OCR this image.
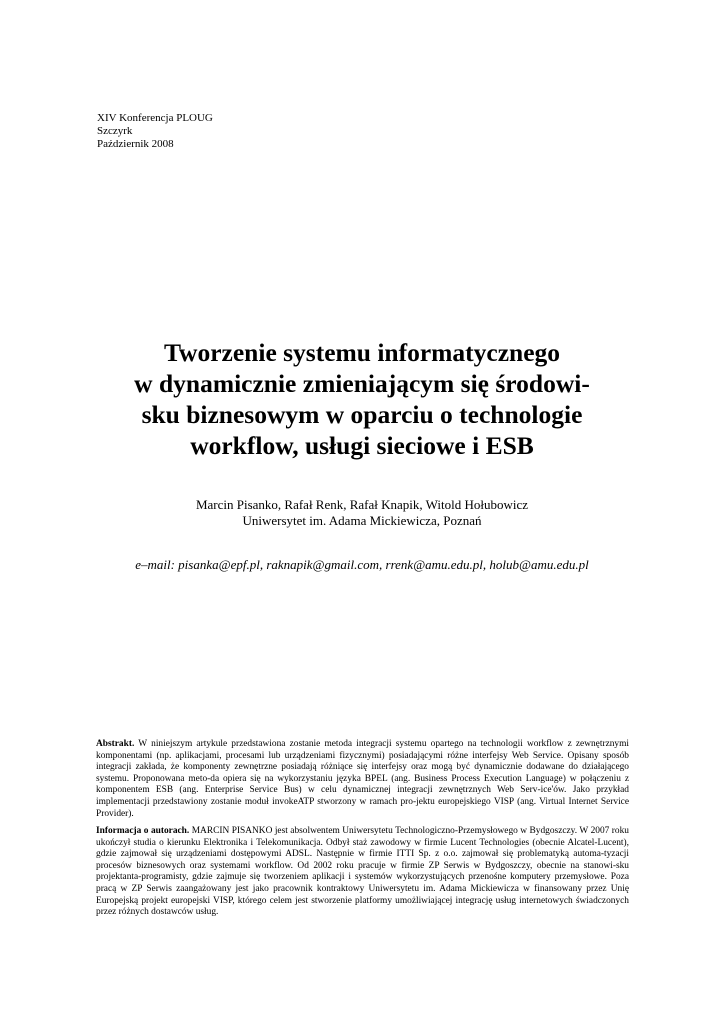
XIV Konferencja PLOUG
Szczyrk
Październik 2008
Tworzenie systemu informatycznego
w dynamicznie zmieniającym się środowi-
sku biznesowym w oparciu o technologie
workflow, usługi sieciowe i ESB
Marcin Pisanko, Rafał Renk, Rafał Knapik, Witold Hołubowicz
Uniwersytet im. Adama Mickiewicza, Poznań
e–mail: pisanka@epf.pl, raknapik@gmail.com, rrenk@amu.edu.pl, holub@amu.edu.pl
Abstrakt. W niniejszym artykule przedstawiona zostanie metoda integracji systemu opartego na technologii workflow z zewnętrznymi komponentami (np. aplikacjami, procesami lub urządzeniami fizycznymi) posiadającymi różne interfejsy Web Service. Opisany sposób integracji zakłada, że komponenty zewnętrzne posiadają różniące się interfejsy oraz mogą być dynamicznie dodawane do działającego systemu. Proponowana meto-da opiera się na wykorzystaniu języka BPEL (ang. Business Process Execution Language) w połączeniu z komponentem ESB (ang. Enterprise Service Bus) w celu dynamicznej integracji zewnętrznych Web Serv-ice'ów. Jako przykład implementacji przedstawiony zostanie moduł invokeATP stworzony w ramach pro-jektu europejskiego VISP (ang. Virtual Internet Service Provider).
Informacja o autorach. MARCIN PISANKO jest absolwentem Uniwersytetu Technologiczno-Przemysłowego w Bydgoszczy. W 2007 roku ukończył studia o kierunku Elektronika i Telekomunikacja. Odbył staż zawodowy w firmie Lucent Technologies (obecnie Alcatel-Lucent), gdzie zajmował się urządzeniami dostępowymi ADSL. Następnie w firmie ITTI Sp. z o.o. zajmował się problematyką automa-tyzacji procesów biznesowych oraz systemami workflow. Od 2002 roku pracuje w firmie ZP Serwis w Bydgoszczy, obecnie na stanowi-sku projektanta-programisty, gdzie zajmuje się tworzeniem aplikacji i systemów wykorzystujących przenośne komputery przemysłowe. Poza pracą w ZP Serwis zaangażowany jest jako pracownik kontraktowy Uniwersytetu im. Adama Mickiewicza w finansowany przez Unię Europejską projekt europejski VISP, którego celem jest stworzenie platformy umożliwiającej integrację usług internetowych świadczonych przez różnych dostawców usług.
